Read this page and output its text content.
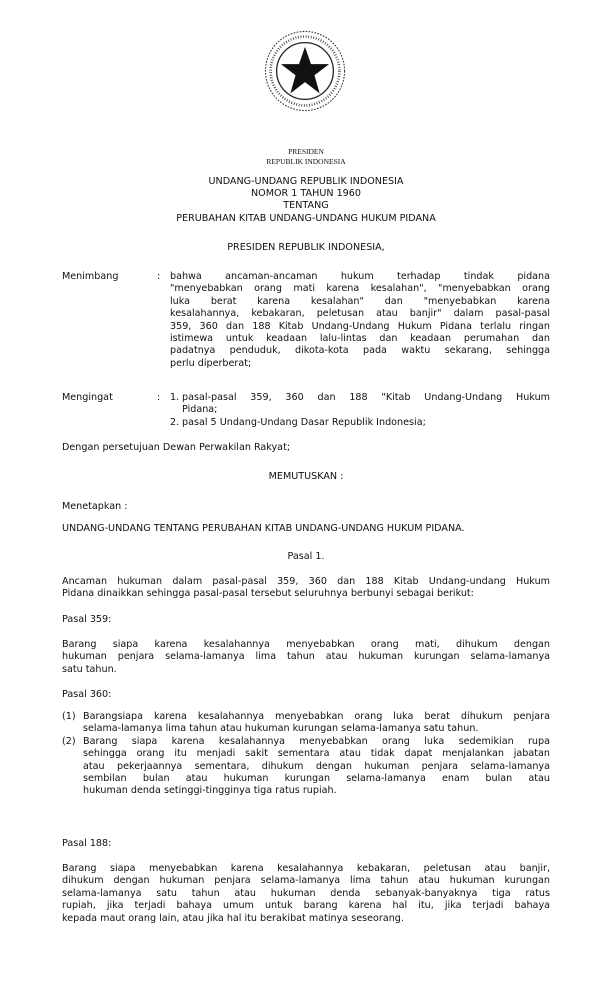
PRESIDEN
REPUBLIK INDONESIA
UNDANG-UNDANG REPUBLIK INDONESIA
NOMOR 1 TAHUN 1960
TENTANG
PERUBAHAN KITAB UNDANG-UNDANG HUKUM PIDANA
PRESIDEN REPUBLIK INDONESIA,
Menimbang	: bahwa ancaman-ancaman hukum terhadap tindak pidana
"menyebabkan orang mati karena kesalahan", "menyebabkan orang
luka berat karena kesalahan" dan "menyebabkan karena
kesalahannya, kebakaran, peletusan atau banjir" dalam pasal-pasal
359, 360 dan 188 Kitab Undang-Undang Hukum Pidana terlalu ringan
istimewa untuk keadaan lalu-lintas dan keadaan perumahan dan
padatnya penduduk, dikota-kota pada waktu sekarang, sehingga
perlu diperberat;
Mengingat	: 1. pasal-pasal 359, 360 dan 188 "Kitab Undang-Undang Hukum
Pidana;
2. pasal 5 Undang-Undang Dasar Republik Indonesia;
Dengan persetujuan Dewan Perwakilan Rakyat;
MEMUTUSKAN :
Menetapkan :
UNDANG-UNDANG TENTANG PERUBAHAN KITAB UNDANG-UNDANG HUKUM PIDANA.
Pasal 1.
Ancaman hukuman dalam pasal-pasal 359, 360 dan 188 Kitab Undang-undang Hukum
Pidana dinaikkan sehingga pasal-pasal tersebut seluruhnya berbunyi sebagai berikut:
Pasal 359:
Barang siapa karena kesalahannya menyebabkan orang mati, dihukum dengan
hukuman penjara selama-lamanya lima tahun atau hukuman kurungan selama-lamanya
satu tahun.
Pasal 360:
(1) Barangsiapa karena kesalahannya menyebabkan orang luka berat dihukum penjara
selama-lamanya lima tahun atau hukuman kurungan selama-lamanya satu tahun.
(2) Barang siapa karena kesalahannya menyebabkan orang luka sedemikian rupa
sehingga orang itu menjadi sakit sementara atau tidak dapat menjalankan jabatan
atau pekerjaannya sementara, dihukum dengan hukuman penjara selama-lamanya
sembilan bulan atau hukuman kurungan selama-lamanya enam bulan atau
hukuman denda setinggi-tingginya tiga ratus rupiah.
Pasal 188:
Barang siapa menyebabkan karena kesalahannya kebakaran, peletusan atau banjir,
dihukum dengan hukuman penjara selama-lamanya lima tahun atau hukuman kurungan
selama-lamanya satu tahun atau hukuman denda sebanyak-banyaknya tiga ratus
rupiah, jika terjadi bahaya umum untuk barang karena hal itu, jika terjadi bahaya
kepada maut orang lain, atau jika hal itu berakibat matinya seseorang.
